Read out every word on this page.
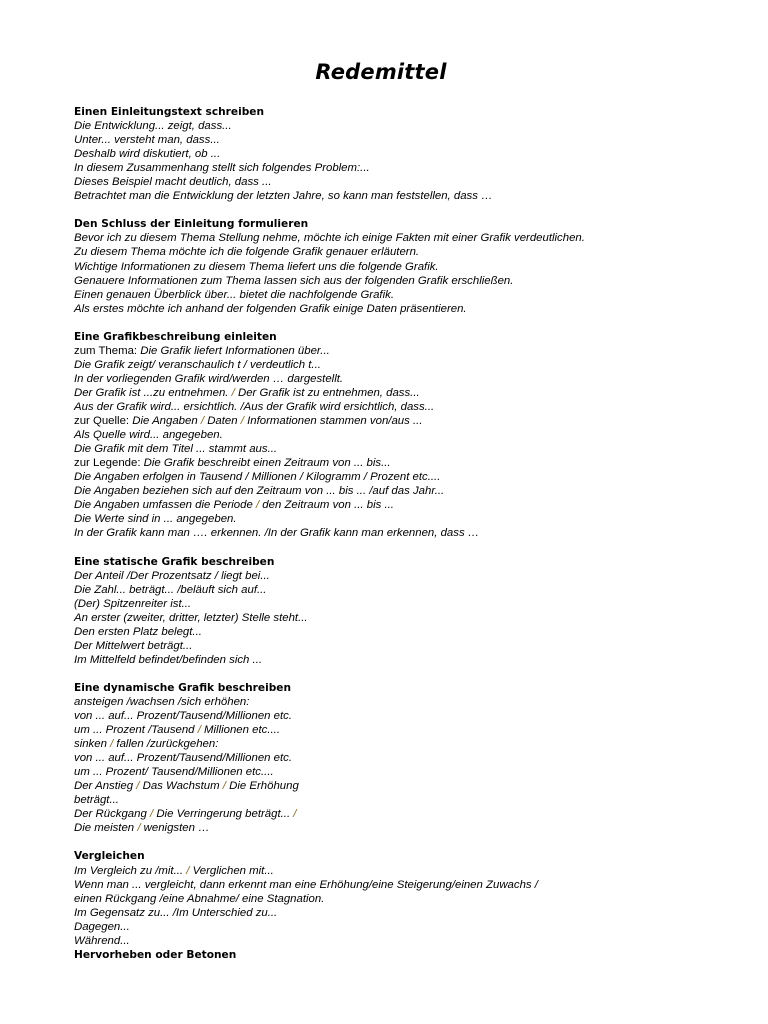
Redemittel
Einen Einleitungstext schreiben
Die Entwicklung... zeigt, dass...
Unter... versteht man, dass...
Deshalb wird diskutiert, ob ...
In diesem Zusammenhang stellt sich folgendes Problem:...
Dieses Beispiel macht deutlich, dass ...
Betrachtet man die Entwicklung der letzten Jahre, so kann man feststellen, dass …
Den Schluss der Einleitung formulieren
Bevor ich zu diesem Thema Stellung nehme, möchte ich einige Fakten mit einer Grafik verdeutlichen.
Zu diesem Thema möchte ich die folgende Grafik genauer erläutern.
Wichtige Informationen zu diesem Thema liefert uns die folgende Grafik.
Genauere Informationen zum Thema lassen sich aus der folgenden Grafik erschließen.
Einen genauen Überblick über... bietet die nachfolgende Grafik.
Als erstes möchte ich anhand der folgenden Grafik einige Daten präsentieren.
Eine Grafikbeschreibung einleiten
zum Thema: Die Grafik liefert Informationen über...
Die Grafik zeigt/ veranschaulich t / verdeutlich t...
In der vorliegenden Grafik wird/werden … dargestellt.
Der Grafik ist ...zu entnehmen. / Der Grafik ist zu entnehmen, dass...
Aus der Grafik wird... ersichtlich. /Aus der Grafik wird ersichtlich, dass...
zur Quelle: Die Angaben / Daten / Informationen stammen von/aus ...
Als Quelle wird... angegeben.
Die Grafik mit dem Titel ... stammt aus...
zur Legende: Die Grafik beschreibt einen Zeitraum von ... bis...
Die Angaben erfolgen in Tausend / Millionen / Kilogramm / Prozent etc....
Die Angaben beziehen sich auf den Zeitraum von ... bis ... /auf das Jahr...
Die Angaben umfassen die Periode / den Zeitraum von ... bis ...
Die Werte sind in ... angegeben.
In der Grafik kann man …. erkennen. /In der Grafik kann man erkennen, dass …
Eine statische Grafik beschreiben
Der Anteil /Der Prozentsatz / liegt bei...
Die Zahl... beträgt... /beläuft sich auf...
(Der) Spitzenreiter ist...
An erster (zweiter, dritter, letzter) Stelle steht...
Den ersten Platz belegt...
Der Mittelwert beträgt...
Im Mittelfeld befindet/befinden sich ...
Eine dynamische Grafik beschreiben
ansteigen /wachsen /sich erhöhen:
von ... auf... Prozent/Tausend/Millionen etc.
um ... Prozent /Tausend / Millionen etc....
sinken / fallen /zurückgehen:
von ... auf... Prozent/Tausend/Millionen etc.
um ... Prozent/ Tausend/Millionen etc....
Der Anstieg / Das Wachstum / Die Erhöhung
beträgt...
Der Rückgang / Die Verringerung beträgt... /
Die meisten / wenigsten …
Vergleichen
Im Vergleich zu /mit... / Verglichen mit...
Wenn man ... vergleicht, dann erkennt man eine Erhöhung/eine Steigerung/einen Zuwachs /
einen Rückgang /eine Abnahme/ eine Stagnation.
Im Gegensatz zu... /Im Unterschied zu...
Dagegen...
Während...
Hervorheben oder Betonen
